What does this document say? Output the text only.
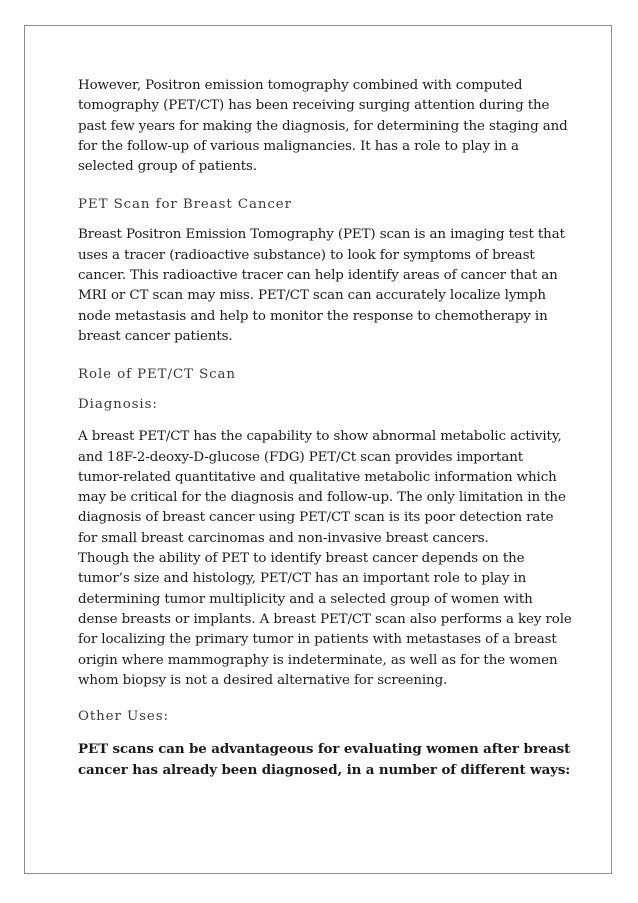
However, Positron emission tomography combined with computed tomography (PET/CT) has been receiving surging attention during the past few years for making the diagnosis, for determining the staging and for the follow-up of various malignancies. It has a role to play in a selected group of patients.

PET Scan for Breast Cancer

Breast Positron Emission Tomography (PET) scan is an imaging test that uses a tracer (radioactive substance) to look for symptoms of breast cancer. This radioactive tracer can help identify areas of cancer that an MRI or CT scan may miss. PET/CT scan can accurately localize lymph node metastasis and help to monitor the response to chemotherapy in breast cancer patients.

Role of PET/CT Scan
Diagnosis:

A breast PET/CT has the capability to show abnormal metabolic activity, and 18F-2-deoxy-D-glucose (FDG) PET/Ct scan provides important tumor-related quantitative and qualitative metabolic information which may be critical for the diagnosis and follow-up. The only limitation in the diagnosis of breast cancer using PET/CT scan is its poor detection rate for small breast carcinomas and non-invasive breast cancers.

Though the ability of PET to identify breast cancer depends on the tumor’s size and histology, PET/CT has an important role to play in determining tumor multiplicity and a selected group of women with dense breasts or implants. A breast PET/CT scan also performs a key role for localizing the primary tumor in patients with metastases of a breast origin where mammography is indeterminate, as well as for the women whom biopsy is not a desired alternative for screening.

Other Uses:

PET scans can be advantageous for evaluating women after breast cancer has already been diagnosed, in a number of different ways:
